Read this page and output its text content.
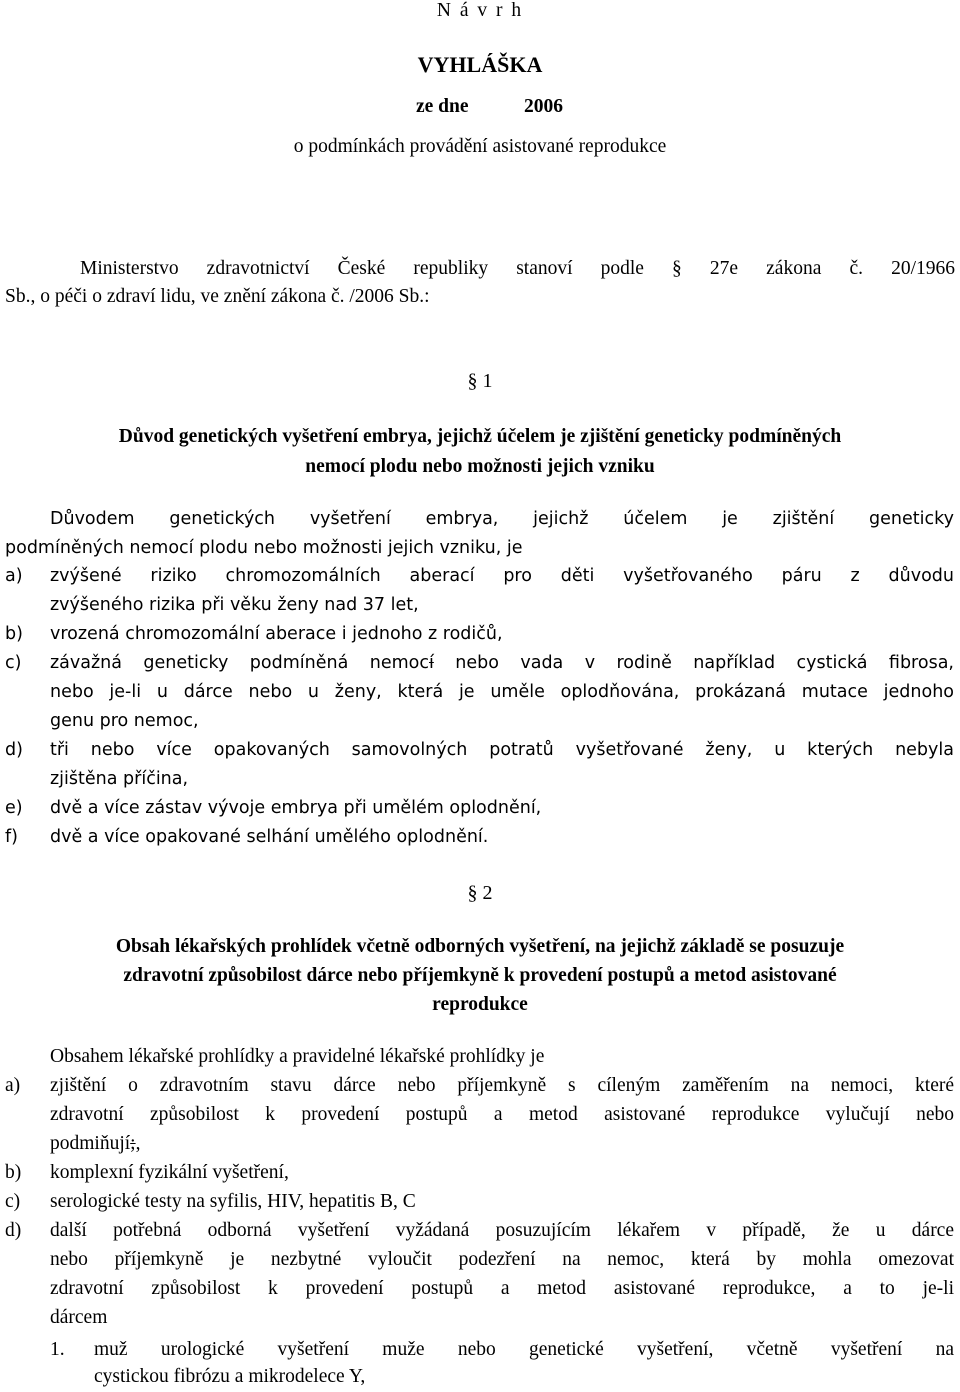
N á v r h
VYHLÁŠKA
ze dne	2006
o podmínkách provádění asistované reprodukce
Ministerstvo zdravotnictví České republiky stanoví podle § 27e zákona č. 20/1966
Sb., o péči o zdraví lidu, ve znění zákona č. /2006 Sb.:
§ 1
Důvod genetických vyšetření embrya, jejichž účelem je zjištění geneticky podmíněných
nemocí plodu nebo možnosti jejich vzniku
Důvodem genetických vyšetření embrya, jejichž účelem je zjištění geneticky
podmíněných nemocí plodu nebo možnosti jejich vzniku, je
a) zvýšené riziko chromozomálních aberací pro děti vyšetřovaného páru z důvodu
zvýšeného rizika při věku ženy nad 37 let,
b) vrozená chromozomální aberace i jednoho z rodičů,
c) závažná geneticky podmíněná nemocí nebo vada v rodině například cystická fibrosa,
nebo je-li u dárce nebo u ženy, která je uměle oplodňována, prokázaná mutace jednoho
genu pro nemoc,
d) tři nebo více opakovaných samovolných potratů vyšetřované ženy, u kterých nebyla
zjištěna příčina,
e) dvě a více zástav vývoje embrya při umělém oplodnění,
f) dvě a více opakované selhání umělého oplodnění.
§ 2
Obsah lékařských prohlídek včetně odborných vyšetření, na jejichž základě se posuzuje
zdravotní způsobilost dárce nebo příjemkyně k provedení postupů a metod asistované
reprodukce
Obsahem lékařské prohlídky a pravidelné lékařské prohlídky je
a) zjištění o zdravotním stavu dárce nebo příjemkyně s cíleným zaměřením na nemoci, které
zdravotní způsobilost k provedení postupů a metod asistované reprodukce vylučují nebo
podmiňují;,
b) komplexní fyzikální vyšetření,
c) serologické testy na syfilis, HIV, hepatitis B, C
d) další potřebná odborná vyšetření vyžádaná posuzujícím lékařem v případě, že u dárce
nebo příjemkyně je nezbytné vyloučit podezření na nemoc, která by mohla omezovat
zdravotní způsobilost k provedení postupů a metod asistované reprodukce, a to je-li
dárcem
1. muž urologické vyšetření muže nebo genetické vyšetření, včetně vyšetření na
cystickou fibrózu a mikrodelece Y,
